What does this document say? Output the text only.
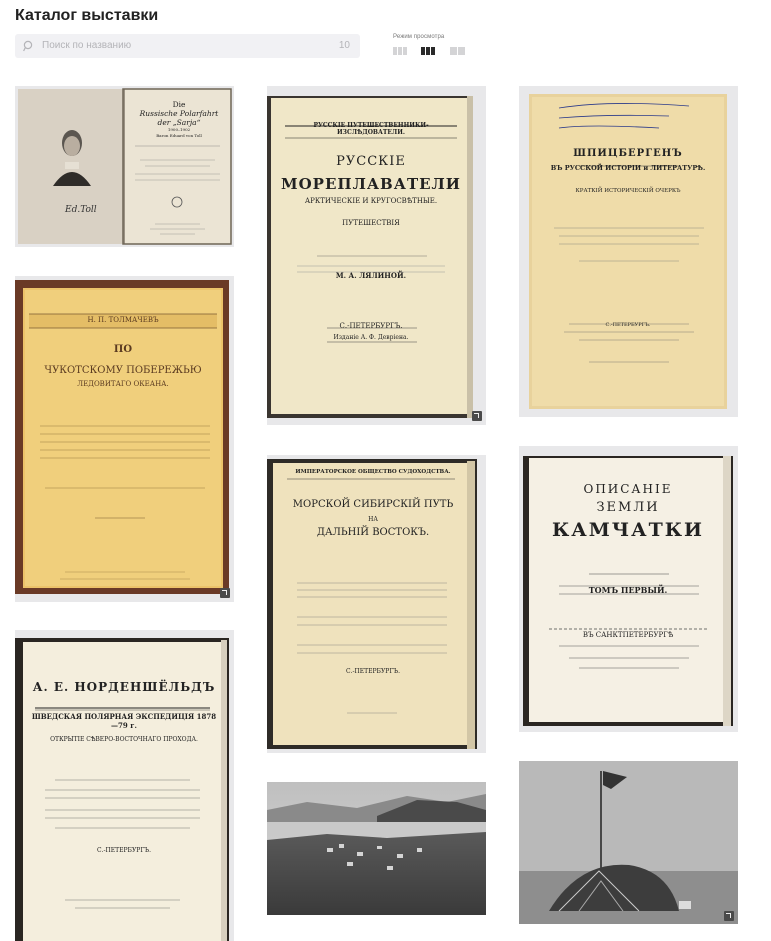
Каталог выставки
Поиск по названию	10
Режим просмотра
Ed.Toll
Die
Russische Polarfahrt
der „Sarja“
1900–1902
Baron Eduard von Toll
РУССКІЕ ПУТЕШЕСТВЕННИКИ-ИЗСЛѢДОВАТЕЛИ.
РУССКІЕ
МОРЕПЛАВАТЕЛИ
АРКТИЧЕСКІЕ И КРУГОСВѢТНЫЕ.
ПУТЕШЕСТВІЯ
М. А. ЛЯЛИНОЙ.
С.-ПЕТЕРБУРГЪ.
Изданіе А. Ф. Девріена.
ШПИЦБЕРГЕНЪ
ВЪ РУССКОЙ ИСТОРІИ и ЛИТЕРАТУРѢ.
КРАТКІЙ ИСТОРИЧЕСКІЙ ОЧЕРКЪ
С.-ПЕТЕРБУРГЪ.
Н. П. ТОЛМАЧЕВЪ
ПО
ЧУКОТСКОМУ ПОБЕРЕЖЬЮ
ЛЕДОВИТАГО ОКЕАНА.
ИМПЕРАТОРСКОЕ ОБЩЕСТВО СУДОХОДСТВА.
МОРСКОЙ СИБИРСКІЙ ПУТЬ
НА
ДАЛЬНІЙ ВОСТОКЪ.
С.-ПЕТЕРБУРГЪ.
ОПИСАНІЕ
ЗЕМЛИ
КАМЧАТКИ
ТОМЪ ПЕРВЫЙ.
ВЪ САНКТПЕТЕРБУРГѢ
А. Е. НОРДЕНШЁЛЬДЪ
ШВЕДСКАЯ ПОЛЯРНАЯ ЭКСПЕДИЦІЯ 1878—79 г.
ОТКРЫТІЕ СѢВЕРО-ВОСТОЧНАГО ПРОХОДА.
С.-ПЕТЕРБУРГЪ.
